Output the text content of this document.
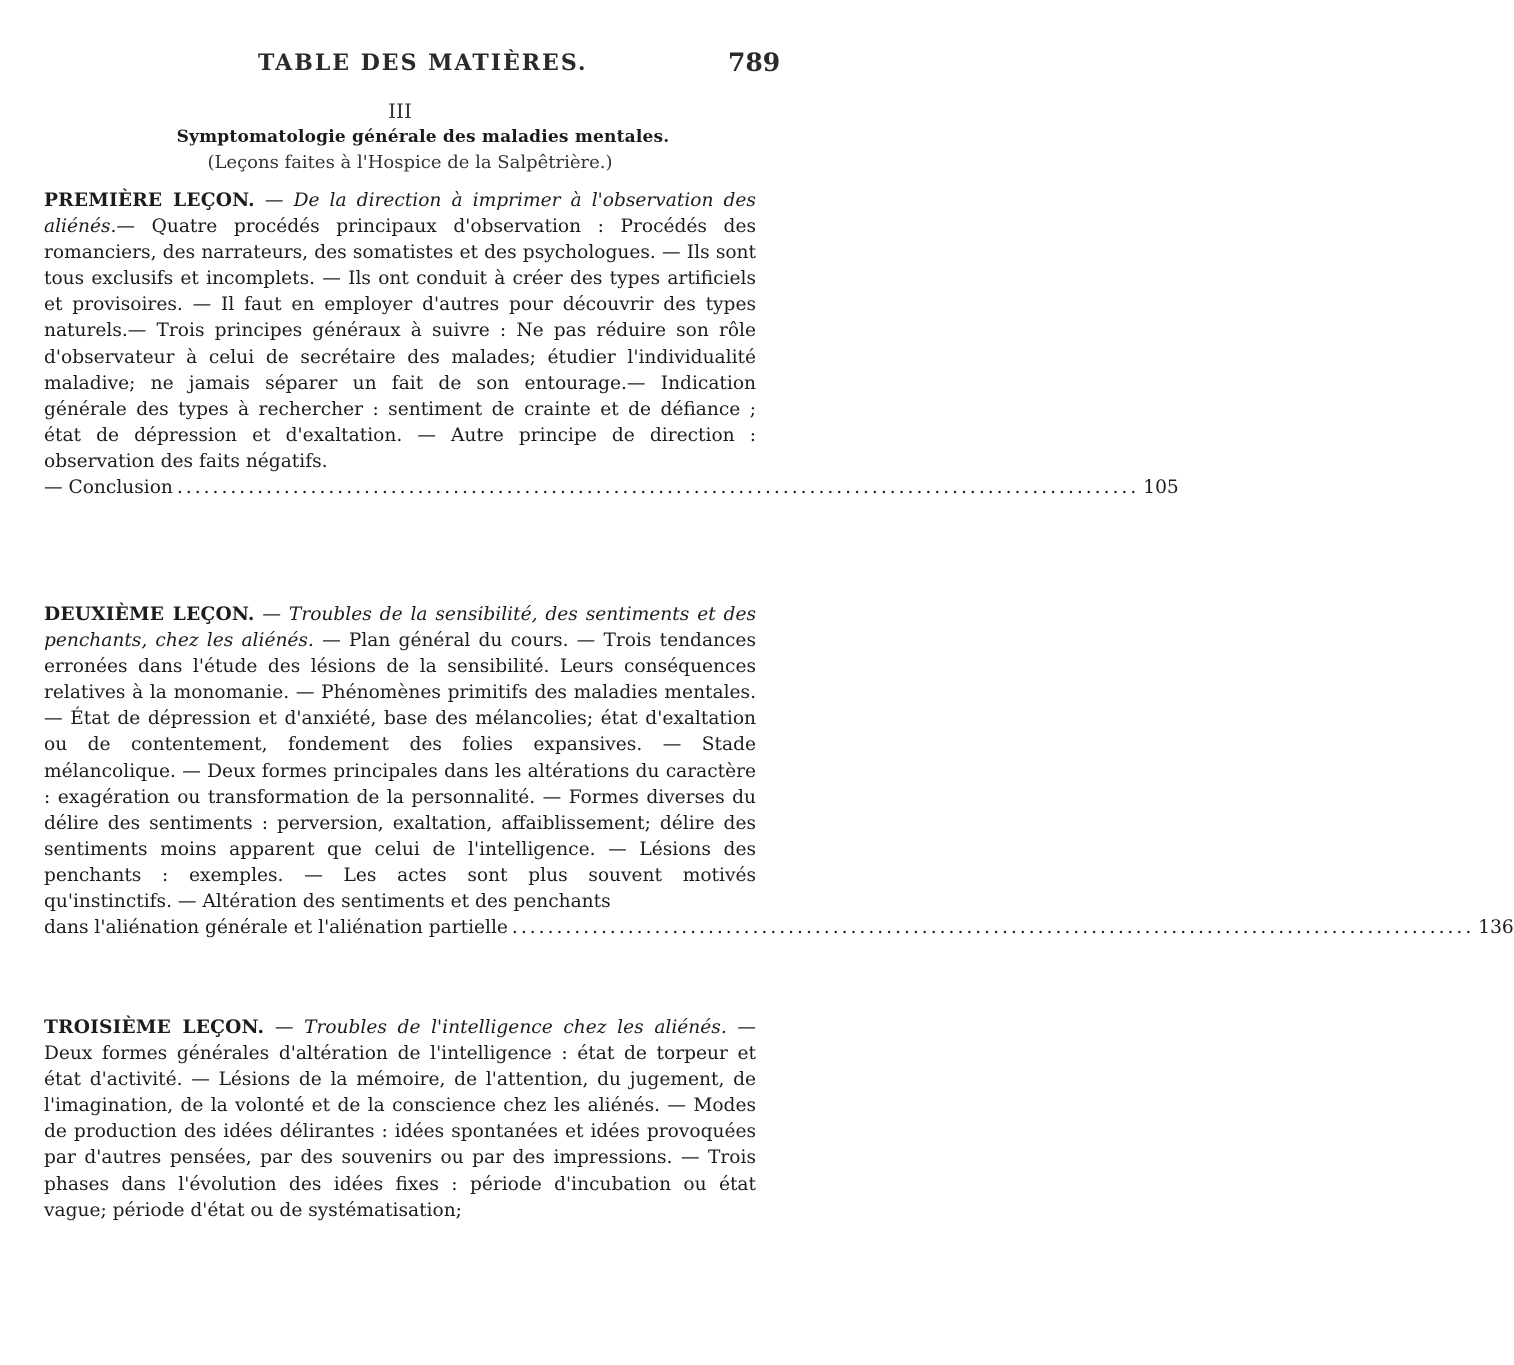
TABLE DES MATIÈRES.	789
III
Symptomatologie générale des maladies mentales.
(Leçons faites à l'Hospice de la Salpêtrière.)
PREMIÈRE LEÇON. — De la direction à imprimer à l'observation des aliénés.— Quatre procédés principaux d'observation : Procédés des romanciers, des narrateurs, des somatistes et des psychologues. — Ils sont tous exclusifs et incomplets. — Ils ont conduit à créer des types artificiels et provisoires. — Il faut en employer d'autres pour découvrir des types naturels.— Trois principes généraux à suivre : Ne pas réduire son rôle d'observateur à celui de secrétaire des malades; étudier l'individualité maladive; ne jamais séparer un fait de son entourage.— Indication générale des types à rechercher : sentiment de crainte et de défiance ; état de dépression et d'exaltation. — Autre principe de direction : observation des faits négatifs.
— Conclusion ............................................................................................................ 105
DEUXIÈME LEÇON. — Troubles de la sensibilité, des sentiments et des penchants, chez les aliénés. — Plan général du cours. — Trois tendances erronées dans l'étude des lésions de la sensibilité. Leurs conséquences relatives à la monomanie. — Phénomènes primitifs des maladies mentales. — État de dépression et d'anxiété, base des mélancolies; état d'exaltation ou de contentement, fondement des folies expansives. — Stade mélancolique. — Deux formes principales dans les altérations du caractère : exagération ou transformation de la personnalité. — Formes diverses du délire des sentiments : perversion, exaltation, affaiblissement; délire des sentiments moins apparent que celui de l'intelligence. — Lésions des penchants : exemples. — Les actes sont plus souvent motivés qu'instinctifs. — Altération des sentiments et des penchants
dans l'aliénation générale et l'aliénation partielle ............................................................................................................ 136
TROISIÈME LEÇON. — Troubles de l'intelligence chez les aliénés. — Deux formes générales d'altération de l'intelligence : état de torpeur et état d'activité. — Lésions de la mémoire, de l'attention, du jugement, de l'imagination, de la volonté et de la conscience chez les aliénés. — Modes de production des idées délirantes : idées spontanées et idées provoquées par d'autres pensées, par des souvenirs ou par des impressions. — Trois phases dans l'évolution des idées fixes : période d'incubation ou état vague; période d'état ou de systématisation;
